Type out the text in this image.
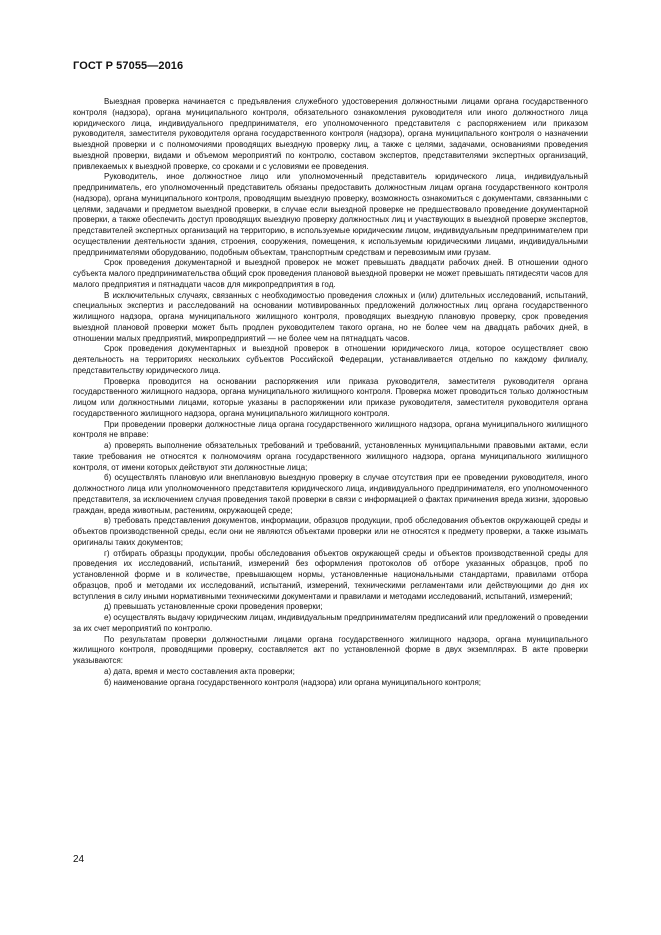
ГОСТ Р 57055—2016

Выездная проверка начинается с предъявления служебного удостоверения должностными лицами органа государственного контроля (надзора), органа муниципального контроля, обязательного ознакомления руководителя или иного должностного лица юридического лица, индивидуального предпринимателя, его уполномоченного представителя с распоряжением или приказом руководителя, заместителя руководителя органа государственного контроля (надзора), органа муниципального контроля о назначении выездной проверки и с полномочиями проводящих выездную проверку лиц, а также с целями, задачами, основаниями проведения выездной проверки, видами и объемом мероприятий по контролю, составом экспертов, представителями экспертных организаций, привлекаемых к выездной проверке, со сроками и с условиями ее проведения.

Руководитель, иное должностное лицо или уполномоченный представитель юридического лица, индивидуальный предприниматель, его уполномоченный представитель обязаны предоставить должностным лицам органа государственного контроля (надзора), органа муниципального контроля, проводящим выездную проверку, возможность ознакомиться с документами, связанными с целями, задачами и предметом выездной проверки, в случае если выездной проверке не предшествовало проведение документарной проверки, а также обеспечить доступ проводящих выездную проверку должностных лиц и участвующих в выездной проверке экспертов, представителей экспертных организаций на территорию, в используемые юридическим лицом, индивидуальным предпринимателем при осуществлении деятельности здания, строения, сооружения, помещения, к используемым юридическими лицами, индивидуальными предпринимателями оборудованию, подобным объектам, транспортным средствам и перевозимым ими грузам.

Срок проведения документарной и выездной проверок не может превышать двадцати рабочих дней. В отношении одного субъекта малого предпринимательства общий срок проведения плановой выездной проверки не может превышать пятидесяти часов для малого предприятия и пятнадцати часов для микропредприятия в год.

В исключительных случаях, связанных с необходимостью проведения сложных и (или) длительных исследований, испытаний, специальных экспертиз и расследований на основании мотивированных предложений должностных лиц органа государственного жилищного надзора, органа муниципального жилищного контроля, проводящих выездную плановую проверку, срок проведения выездной плановой проверки может быть продлен руководителем такого органа, но не более чем на двадцать рабочих дней, в отношении малых предприятий, микропредприятий — не более чем на пятнадцать часов.

Срок проведения документарных и выездной проверок в отношении юридического лица, которое осуществляет свою деятельность на территориях нескольких субъектов Российской Федерации, устанавливается отдельно по каждому филиалу, представительству юридического лица.

Проверка проводится на основании распоряжения или приказа руководителя, заместителя руководителя органа государственного жилищного надзора, органа муниципального жилищного контроля. Проверка может проводиться только должностным лицом или должностными лицами, которые указаны в распоряжении или приказе руководителя, заместителя руководителя органа государственного жилищного надзора, органа муниципального жилищного контроля.

При проведении проверки должностные лица органа государственного жилищного надзора, органа муниципального жилищного контроля не вправе:

а) проверять выполнение обязательных требований и требований, установленных муниципальными правовыми актами, если такие требования не относятся к полномочиям органа государственного жилищного надзора, органа муниципального жилищного контроля, от имени которых действуют эти должностные лица;

б) осуществлять плановую или внеплановую выездную проверку в случае отсутствия при ее проведении руководителя, иного должностного лица или уполномоченного представителя юридического лица, индивидуального предпринимателя, его уполномоченного представителя, за исключением случая проведения такой проверки в связи с информацией о фактах причинения вреда жизни, здоровью граждан, вреда животным, растениям, окружающей среде;

в) требовать представления документов, информации, образцов продукции, проб обследования объектов окружающей среды и объектов производственной среды, если они не являются объектами проверки или не относятся к предмету проверки, а также изымать оригиналы таких документов;

г) отбирать образцы продукции, пробы обследования объектов окружающей среды и объектов производственной среды для проведения их исследований, испытаний, измерений без оформления протоколов об отборе указанных образцов, проб по установленной форме и в количестве, превышающем нормы, установленные национальными стандартами, правилами отбора образцов, проб и методами их исследований, испытаний, измерений, техническими регламентами или действующими до дня их вступления в силу иными нормативными техническими документами и правилами и методами исследований, испытаний, измерений;

д) превышать установленные сроки проведения проверки;

е) осуществлять выдачу юридическим лицам, индивидуальным предпринимателям предписаний или предложений о проведении за их счет мероприятий по контролю.

По результатам проверки должностными лицами органа государственного жилищного надзора, органа муниципального жилищного контроля, проводящими проверку, составляется акт по установленной форме в двух экземплярах. В акте проверки указываются:

а) дата, время и место составления акта проверки;

б) наименование органа государственного контроля (надзора) или органа муниципального контроля;

24
